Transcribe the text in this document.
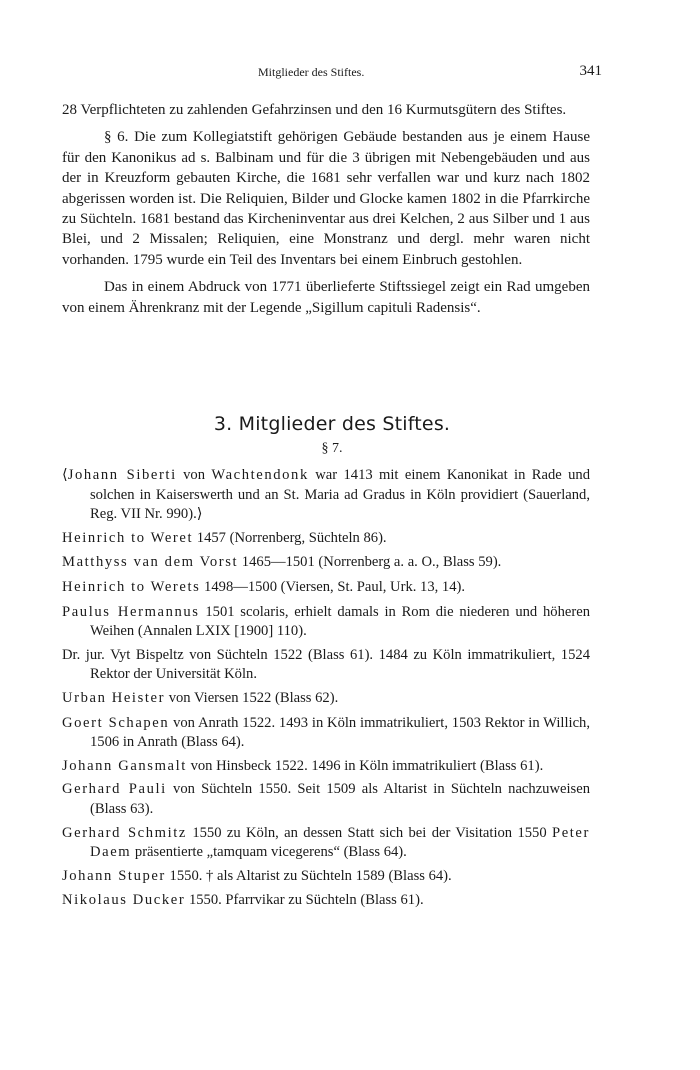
Mitglieder des Stiftes.	341

28 Verpflichteten zu zahlenden Gefahrzinsen und den 16 Kurmutsgütern des Stiftes.

§ 6. Die zum Kollegiatstift gehörigen Gebäude bestanden aus je einem Hause für den Kanonikus ad s. Balbinam und für die 3 übrigen mit Nebengebäuden und aus der in Kreuzform gebauten Kirche, die 1681 sehr verfallen war und kurz nach 1802 abgerissen worden ist. Die Reliquien, Bilder und Glocke kamen 1802 in die Pfarrkirche zu Süchteln. 1681 bestand das Kircheninventar aus drei Kelchen, 2 aus Silber und 1 aus Blei, und 2 Missalen; Reliquien, eine Monstranz und dergl. mehr waren nicht vorhanden. 1795 wurde ein Teil des Inventars bei einem Einbruch gestohlen.

Das in einem Abdruck von 1771 überlieferte Stiftssiegel zeigt ein Rad umgeben von einem Ährenkranz mit der Legende „Sigillum capituli Radensis“.

3. Mitglieder des Stiftes.
§ 7.
⟨Johann Siberti von Wachtendonk war 1413 mit einem Kanonikat in Rade und solchen in Kaiserswerth und an St. Maria ad Gradus in Köln providiert (Sauerland, Reg. VII Nr. 990).⟩
Heinrich to Weret 1457 (Norrenberg, Süchteln 86).
Matthyss van dem Vorst 1465—1501 (Norrenberg a. a. O., Blass 59).
Heinrich to Werets 1498—1500 (Viersen, St. Paul, Urk. 13, 14).
Paulus Hermannus 1501 scolaris, erhielt damals in Rom die niederen und höheren Weihen (Annalen LXIX [1900] 110).
Dr. jur. Vyt Bispeltz von Süchteln 1522 (Blass 61). 1484 zu Köln immatrikuliert, 1524 Rektor der Universität Köln.
Urban Heister von Viersen 1522 (Blass 62).
Goert Schapen von Anrath 1522. 1493 in Köln immatrikuliert, 1503 Rektor in Willich, 1506 in Anrath (Blass 64).
Johann Gansmalt von Hinsbeck 1522. 1496 in Köln immatrikuliert (Blass 61).
Gerhard Pauli von Süchteln 1550. Seit 1509 als Altarist in Süchteln nachzuweisen (Blass 63).
Gerhard Schmitz 1550 zu Köln, an dessen Statt sich bei der Visitation 1550 Peter Daem präsentierte „tamquam vicegerens“ (Blass 64).
Johann Stuper 1550. † als Altarist zu Süchteln 1589 (Blass 64).
Nikolaus Ducker 1550. Pfarrvikar zu Süchteln (Blass 61).
